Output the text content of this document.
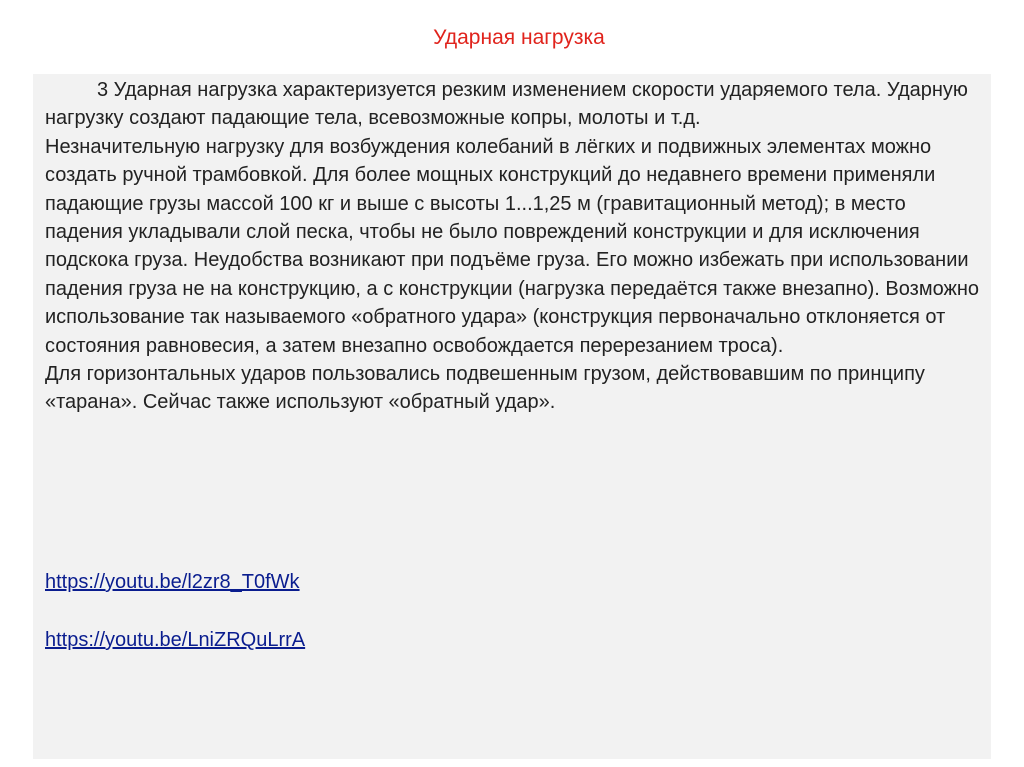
Ударная нагрузка

3 Ударная нагрузка характеризуется резким изменением скорости ударяемого тела. Ударную нагрузку создают падающие тела, всевозможные копры, молоты и т.д.

Незначительную нагрузку для возбуждения колебаний в лёгких и подвижных элементах можно создать ручной трамбовкой. Для более мощных конструкций до недавнего времени применяли падающие грузы массой 100 кг и выше с высоты 1...1,25 м (гравитационный метод); в место падения укладывали слой песка, чтобы не было повреждений конструкции и для исключения подскока груза. Неудобства возникают при подъёме груза. Его можно избежать при использовании падения груза не на конструкцию, а с конструкции (нагрузка передаётся также внезапно). Возможно использование так называемого «обратного удара» (конструкция первоначально отклоняется от состояния равновесия, а затем внезапно освобождается перерезанием троса).

Для горизонтальных ударов пользовались подвешенным грузом, действовавшим по принципу «тарана». Сейчас также используют «обратный удар».

https://youtu.be/l2zr8_T0fWk
https://youtu.be/LniZRQuLrrA
